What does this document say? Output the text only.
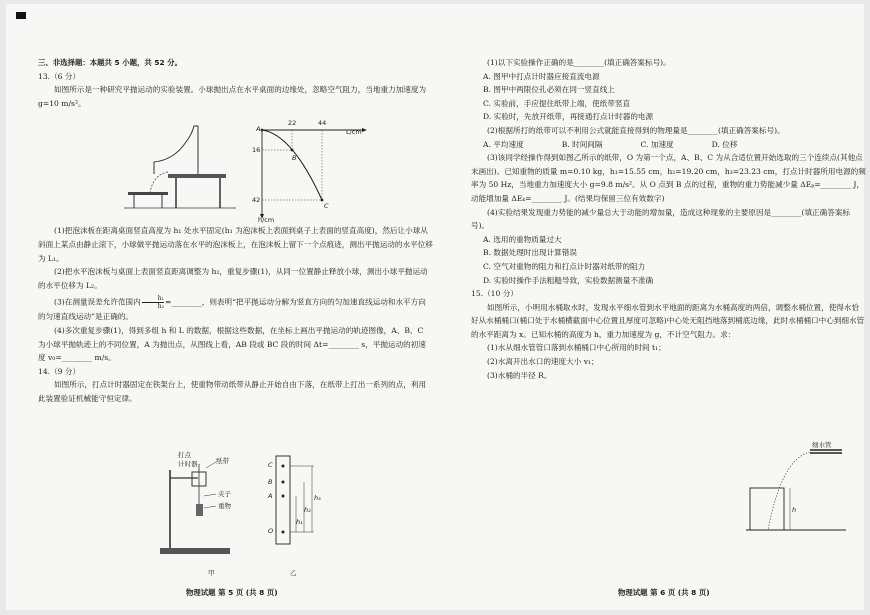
三、非选择题：本题共 5 小题，共 52 分。

13.（6 分）

如图所示是一种研究平抛运动的实验装置。小球抛出点在水平桌面的边缘处，忽略空气阻力，当地重力加速度为 g=10 m/s²。

(1)把泡沫板在距离桌面竖直高度为 h₁ 处水平固定(h₁ 为泡沫板上表面到桌子上表面的竖直高度)，然后让小球从斜面上某点由静止滚下，小球做平抛运动落在水平的泡沫板上，在泡沫板上留下一个点痕迹，测出平抛运动的水平位移为 L₁。

(2)把水平泡沫板与桌面上表面竖直距离调整为 h₂，重复步骤(1)，从同一位置静止释放小球，测出小球平抛运动的水平位移为 L₂。

(3)在测量误差允许范围内 $\frac{\text{h₁}}{\text{h₂}}$ =________，则表明“把平抛运动分解为竖直方向的匀加速直线运动和水平方向的匀速直线运动”是正确的。

(4)多次重复步骤(1)，得到多组 h 和 L 的数据，根据这些数据，在坐标上画出平抛运动的轨迹图像，A、B、C 为小球平抛轨迹上的不同位置，A 为抛出点，从图线上看，AB 段或 BC 段的时间 Δt=________ s，平抛运动的初速度 v₀=________ m/s。

14.（9 分）

如图所示，打点计时器固定在铁架台上，使重物带动纸带从静止开始自由下落，在纸带上打出一系列的点，利用此装置验证机械能守恒定律。

22	44
L/cm
16
42
h/cm
A
B
C
打点
计时器	纸带
夹子
重物
甲
C
B
A
O
h₃
h₂
h₁
乙

(1)以下实验操作正确的是________(填正确答案标号)。

A. 图甲中打点计时器应接直流电源

B. 图甲中两限位孔必须在同一竖直线上

C. 实验前，手应提住纸带上端，使纸带竖直

D. 实验时，先放开纸带，再接通打点计时器的电源

(2)根据所打的纸带可以不利用公式就能直接得到的物理量是________(填正确答案标号)。

A. 平均速度	B. 时间间隔	C. 加速度	D. 位移

(3)该同学经操作得到如图乙所示的纸带，O 为第一个点，A、B、C 为从合适位置开始选取的三个连续点(其他点未画出)。已知重物的质量 m=0.10 kg，h₁=15.55 cm，h₂=19.20 cm，h₃=23.23 cm，打点计时器所用电源的频率为 50 Hz，当地重力加速度大小 g=9.8 m/s²。从 O 点到 B 点的过程，重物的重力势能减少量 ΔEₚ=________ J，动能增加量 ΔEₖ=________ J。(结果均保留三位有效数字)

(4)实验结果发现重力势能的减少量总大于动能的增加量，造成这种现象的主要原因是________(填正确答案标号)。

A. 选用的重物质量过大

B. 数据处理时出现计算错误

C. 空气对重物的阻力和打点计时器对纸带的阻力

D. 实验时操作手法粗糙导致，实验数据测量不准确

15.（10 分）

如图所示，小明用水桶取水时，发现水平细水管到水平地面的距离为水桶高度的两倍，调整水桶位置，使得水恰好从水桶桶口(桶口处于水桶横截面中心位置且厚度可忽略)中心处无阻挡地落到桶底边缘，此时水桶桶口中心到细水管的水平距离为 x。已知水桶的高度为 h，重力加速度为 g，不计空气阻力。求：

(1)水从细水管管口落到水桶桶口中心所用的时间 t₁；

(2)水离开出水口的速度大小 v₁；

(3)水桶的半径 R。

细水管
h
物理试题 第 5 页 (共 8 页)	物理试题 第 6 页 (共 8 页)
